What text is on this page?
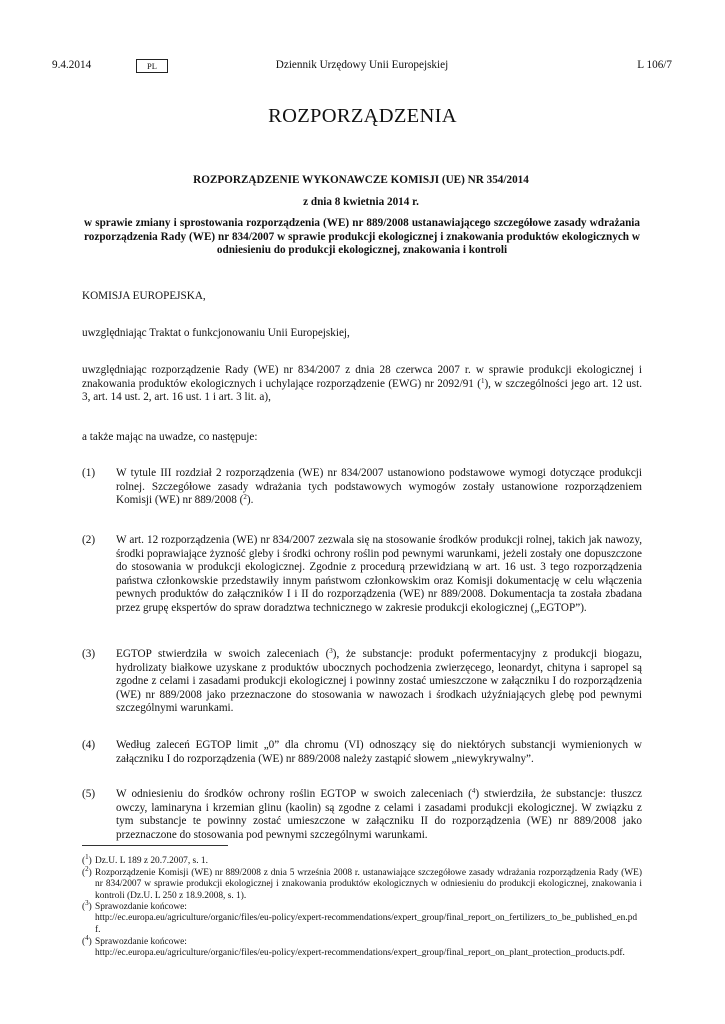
9.4.2014	PL	Dziennik Urzędowy Unii Europejskiej	L 106/7
ROZPORZĄDZENIA
ROZPORZĄDZENIE WYKONAWCZE KOMISJI (UE) NR 354/2014
z dnia 8 kwietnia 2014 r.
w sprawie zmiany i sprostowania rozporządzenia (WE) nr 889/2008 ustanawiającego szczegółowe zasady wdrażania rozporządzenia Rady (WE) nr 834/2007 w sprawie produkcji ekologicznej i znakowania produktów ekologicznych w odniesieniu do produkcji ekologicznej, znakowania i kontroli
KOMISJA EUROPEJSKA,
uwzględniając Traktat o funkcjonowaniu Unii Europejskiej,
uwzględniając rozporządzenie Rady (WE) nr 834/2007 z dnia 28 czerwca 2007 r. w sprawie produkcji ekologicznej i znakowania produktów ekologicznych i uchylające rozporządzenie (EWG) nr 2092/91 ($^1$), w szczególności jego art. 12 ust. 3, art. 14 ust. 2, art. 16 ust. 1 i art. 3 lit. a),
a także mając na uwadze, co następuje:
(1) W tytule III rozdział 2 rozporządzenia (WE) nr 834/2007 ustanowiono podstawowe wymogi dotyczące produkcji rolnej. Szczegółowe zasady wdrażania tych podstawowych wymogów zostały ustanowione rozporządzeniem Komisji (WE) nr 889/2008 ($^2$).
(2) W art. 12 rozporządzenia (WE) nr 834/2007 zezwala się na stosowanie środków produkcji rolnej, takich jak nawozy, środki poprawiające żyzność gleby i środki ochrony roślin pod pewnymi warunkami, jeżeli zostały one dopuszczone do stosowania w produkcji ekologicznej. Zgodnie z procedurą przewidzianą w art. 16 ust. 3 tego rozporządzenia państwa członkowskie przedstawiły innym państwom członkowskim oraz Komisji dokumentację w celu włączenia pewnych produktów do załączników I i II do rozporządzenia (WE) nr 889/2008. Dokumentacja ta została zbadana przez grupę ekspertów do spraw doradztwa technicznego w zakresie produkcji ekologicznej („EGTOP”).
(3) EGTOP stwierdziła w swoich zaleceniach ($^3$), że substancje: produkt pofermentacyjny z produkcji biogazu, hydrolizaty białkowe uzyskane z produktów ubocznych pochodzenia zwierzęcego, leonardyt, chityna i sapropel są zgodne z celami i zasadami produkcji ekologicznej i powinny zostać umieszczone w załączniku I do rozporządzenia (WE) nr 889/2008 jako przeznaczone do stosowania w nawozach i środkach użyźniających glebę pod pewnymi szczególnymi warunkami.
(4) Według zaleceń EGTOP limit „0” dla chromu (VI) odnoszący się do niektórych substancji wymienionych w załączniku I do rozporządzenia (WE) nr 889/2008 należy zastąpić słowem „niewykrywalny”.
(5) W odniesieniu do środków ochrony roślin EGTOP w swoich zaleceniach ($^4$) stwierdziła, że substancje: tłuszcz owczy, laminaryna i krzemian glinu (kaolin) są zgodne z celami i zasadami produkcji ekologicznej. W związku z tym substancje te powinny zostać umieszczone w załączniku II do rozporządzenia (WE) nr 889/2008 jako przeznaczone do stosowania pod pewnymi szczególnymi warunkami.
($^1$) Dz.U. L 189 z 20.7.2007, s. 1.
($^2$) Rozporządzenie Komisji (WE) nr 889/2008 z dnia 5 września 2008 r. ustanawiające szczegółowe zasady wdrażania rozporządzenia Rady (WE) nr 834/2007 w sprawie produkcji ekologicznej i znakowania produktów ekologicznych w odniesieniu do produkcji ekologicznej, znakowania i kontroli (Dz.U. L 250 z 18.9.2008, s. 1).
($^3$) Sprawozdanie końcowe:
http://ec.europa.eu/agriculture/organic/files/eu-policy/expert-recommendations/expert_group/final_report_on_fertilizers_to_be_published_en.pdf.
($^4$) Sprawozdanie końcowe:
http://ec.europa.eu/agriculture/organic/files/eu-policy/expert-recommendations/expert_group/final_report_on_plant_protection_products.pdf.
